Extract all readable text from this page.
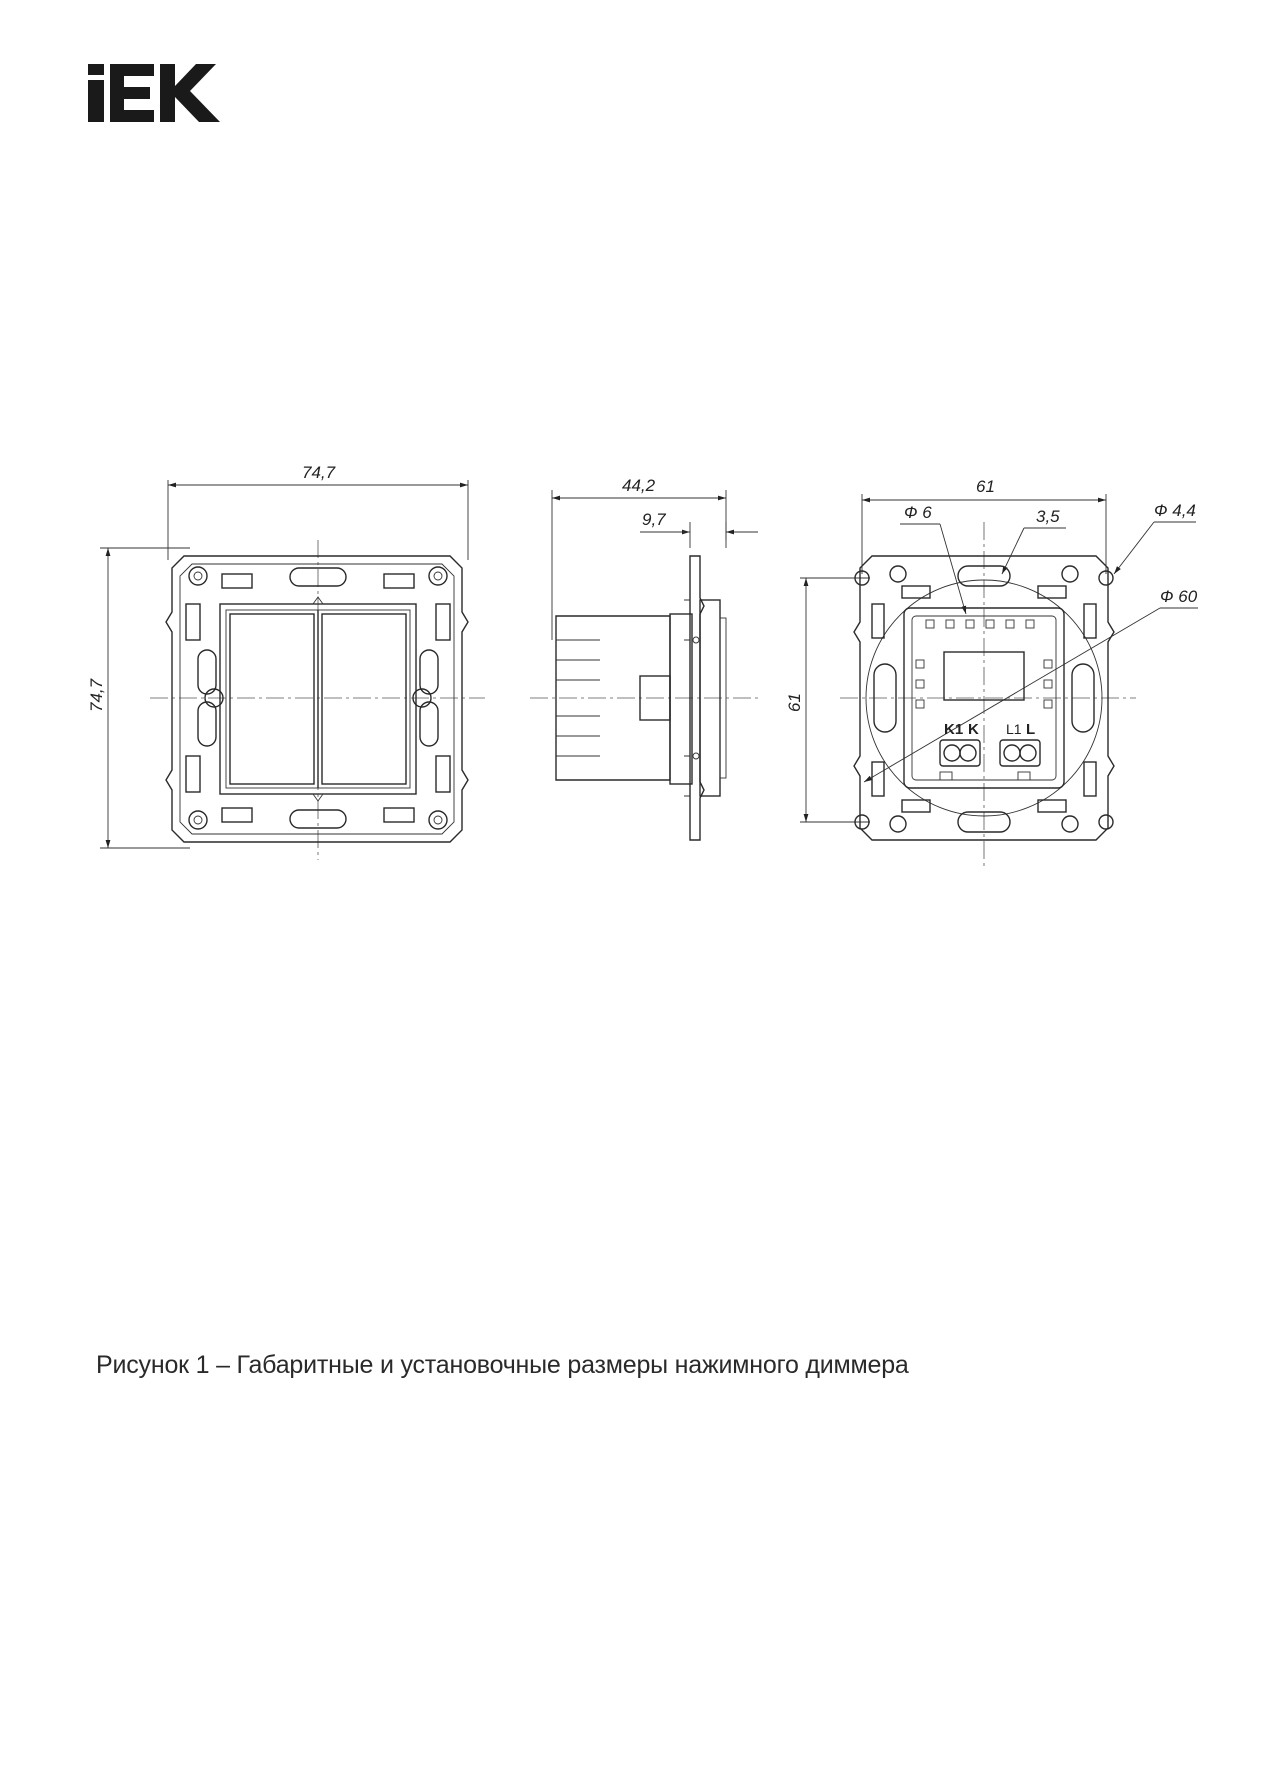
74,7
74,7
44,2
9,7
61
61
Ф 6	3,5	Ф 4,4
Ф 60
K1 K L1 L
Рисунок 1 – Габаритные и установочные размеры нажимного диммера
